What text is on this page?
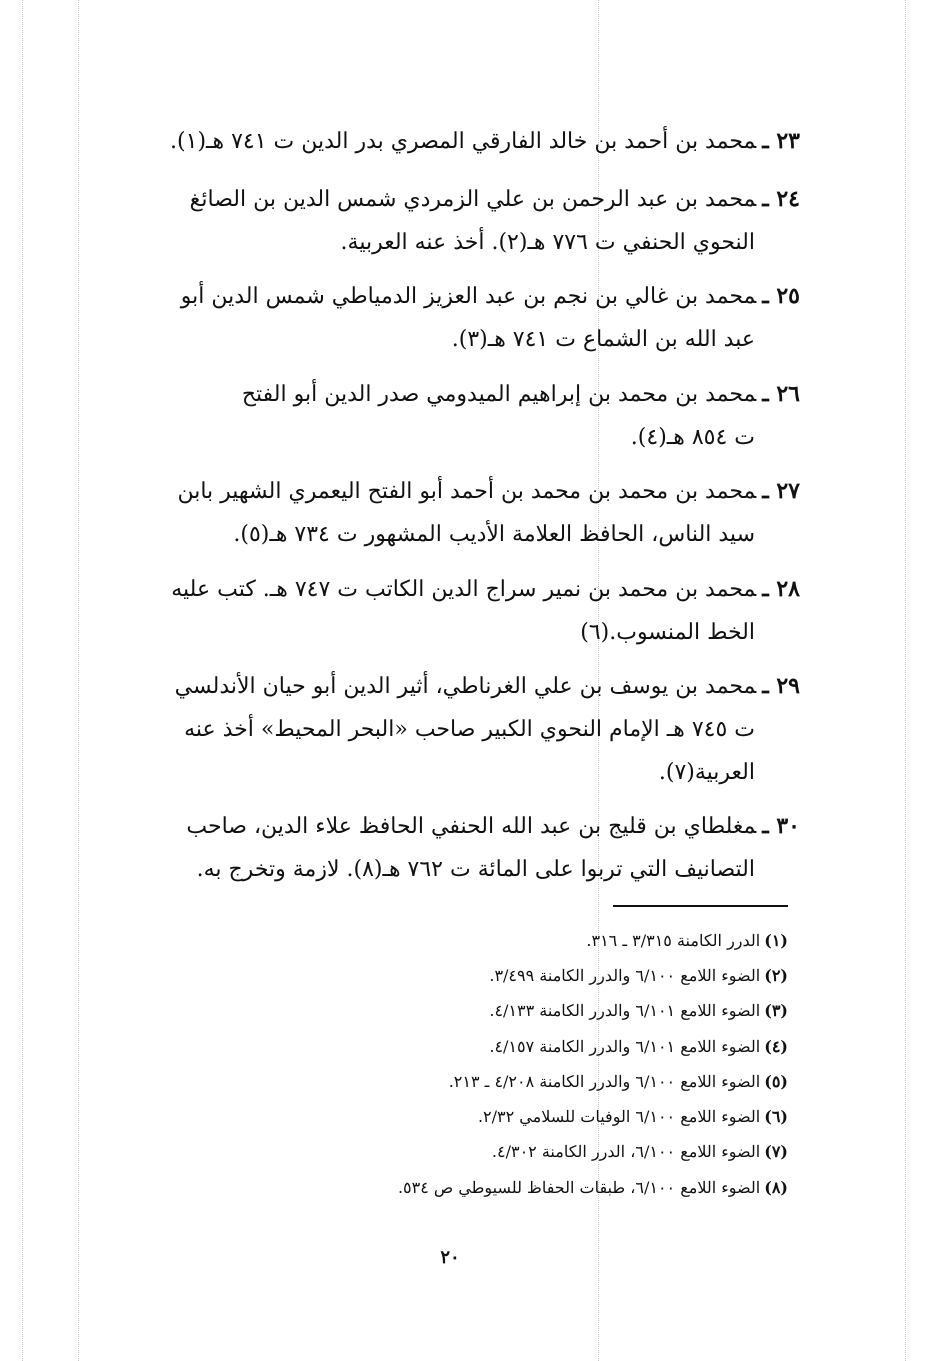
٢٣ ـمحمد بن أحمد بن خالد الفارقي المصري بدر الدين ت ٧٤١ هـ(١).
٢٤ ـمحمد بن عبد الرحمن بن علي الزمردي شمس الدين بن الصائغ
النحوي الحنفي ت ٧٧٦ هـ(٢). أخذ عنه العربية.
٢٥ ـمحمد بن غالي بن نجم بن عبد العزيز الدمياطي شمس الدين أبو
عبد الله بن الشماع ت ٧٤١ هـ(٣).
٢٦ ـمحمد بن محمد بن إبراهيم الميدومي صدر الدين أبو الفتح
ت ٨٥٤ هـ(٤).
٢٧ ـمحمد بن محمد بن محمد بن أحمد أبو الفتح اليعمري الشهير بابن
سيد الناس، الحافظ العلامة الأديب المشهور ت ٧٣٤ هـ(٥).
٢٨ ـمحمد بن محمد بن نمير سراج الدين الكاتب ت ٧٤٧ هـ. كتب عليه
الخط المنسوب.(٦)
٢٩ ـمحمد بن يوسف بن علي الغرناطي، أثير الدين أبو حيان الأندلسي
ت ٧٤٥ هـ الإمام النحوي الكبير صاحب «البحر المحيط» أخذ عنه
العربية(٧).
٣٠ ـمغلطاي بن قليج بن عبد الله الحنفي الحافظ علاء الدين، صاحب
التصانيف التي تربوا على المائة ت ٧٦٢ هـ(٨). لازمة وتخرج به.
(١)الدرر الكامنة ٣/٣١٥ ـ ٣١٦.
(٢)الضوء اللامع ٦/١٠٠ والدرر الكامنة ٣/٤٩٩.
(٣)الضوء اللامع ٦/١٠١ والدرر الكامنة ٤/١٣٣.
(٤)الضوء اللامع ٦/١٠١ والدرر الكامنة ٤/١٥٧.
(٥)الضوء اللامع ٦/١٠٠ والدرر الكامنة ٤/٢٠٨ ـ ٢١٣.
(٦)الضوء اللامع ٦/١٠٠ الوفيات للسلامي ٢/٣٢.
(٧)الضوء اللامع ٦/١٠٠، الدرر الكامنة ٤/٣٠٢.
(٨)الضوء اللامع ٦/١٠٠، طبقات الحفاظ للسيوطي ص ٥٣٤.
٢٠
